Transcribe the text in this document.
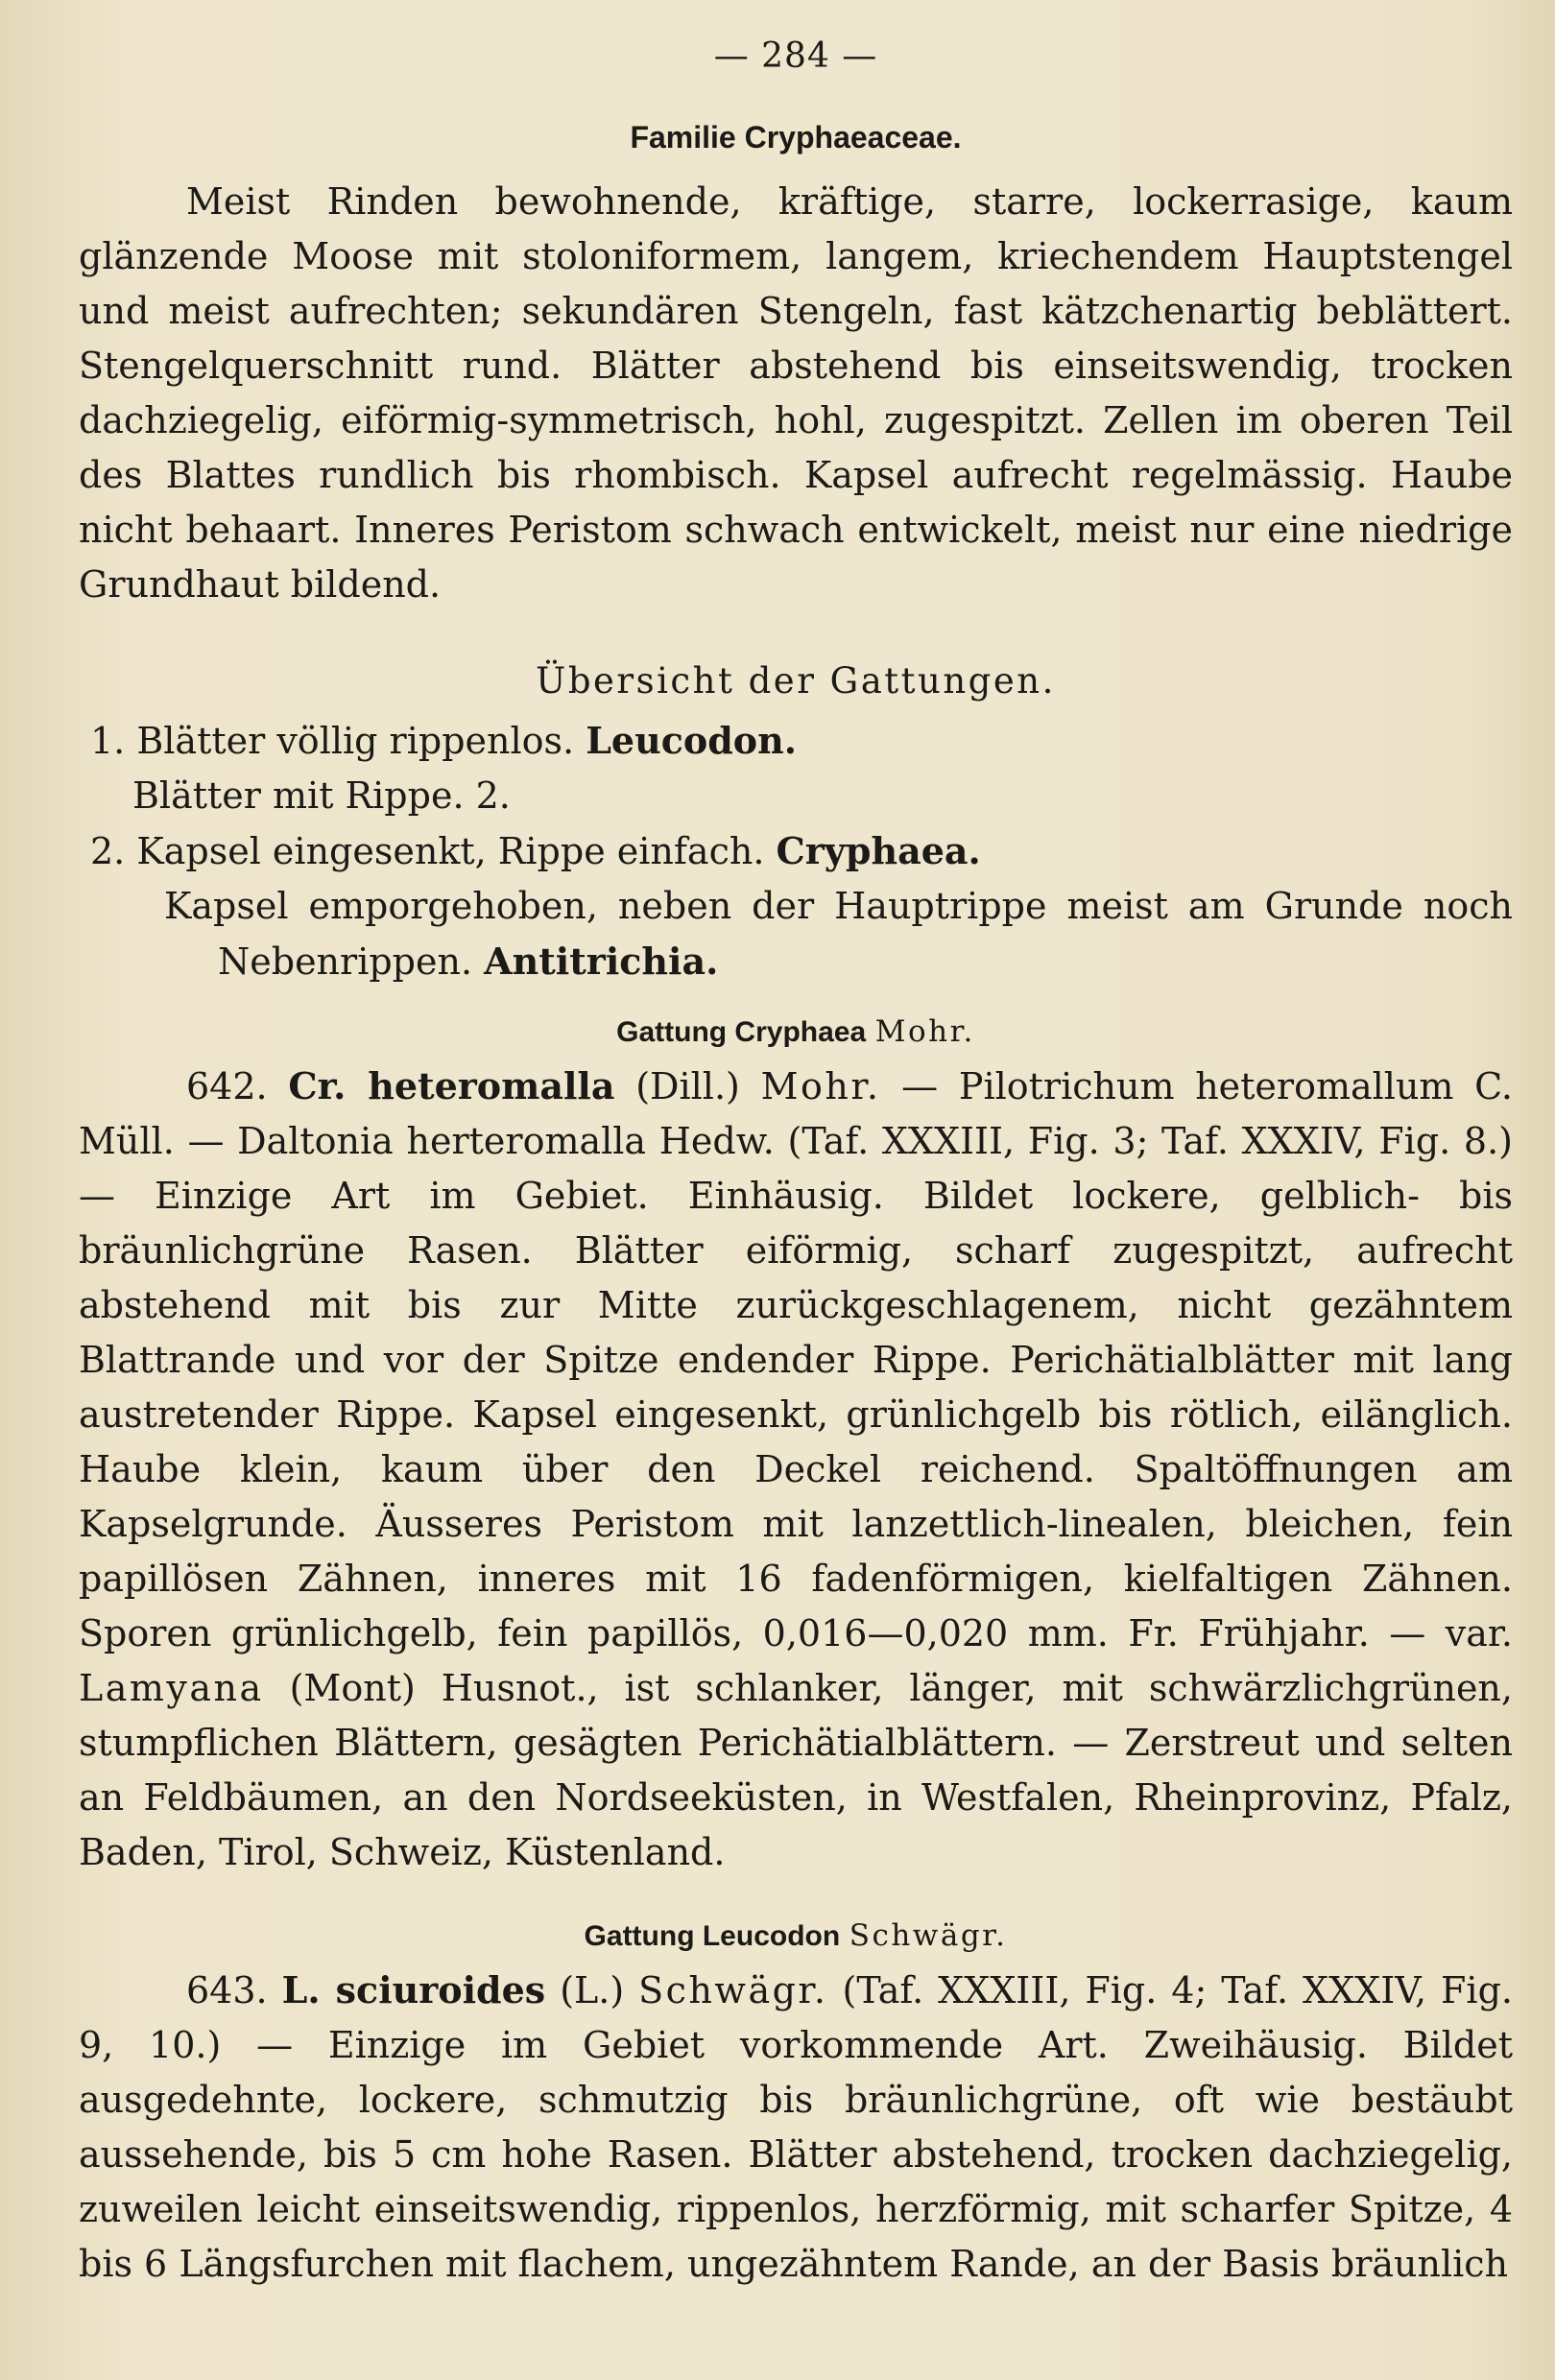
— 284 —
Familie Cryphaeaceae.

Meist Rinden bewohnende, kräftige, starre, lockerrasige, kaum glänzende Moose mit stoloniformem, langem, kriechendem Hauptstengel und meist aufrechten; sekundären Stengeln, fast kätzchenartig beblättert. Stengelquerschnitt rund. Blätter abstehend bis einseitswendig, trocken dachziegelig, eiförmig-symmetrisch, hohl, zugespitzt. Zellen im oberen Teil des Blattes rundlich bis rhombisch. Kapsel aufrecht regelmässig. Haube nicht behaart. Inneres Peristom schwach entwickelt, meist nur eine niedrige Grundhaut bildend.

Übersicht der Gattungen.
1. Blätter völlig rippenlos. Leucodon.
Blätter mit Rippe. 2.
2. Kapsel eingesenkt, Rippe einfach. Cryphaea.
Kapsel emporgehoben, neben der Hauptrippe meist am Grunde noch Nebenrippen. Antitrichia.
Gattung Cryphaea Mohr.

642. Cr. heteromalla (Dill.) Mohr. — Pilotrichum heteromallum C. Müll. — Daltonia herteromalla Hedw. (Taf. XXXIII, Fig. 3; Taf. XXXIV, Fig. 8.) — Einzige Art im Gebiet. Einhäusig. Bildet lockere, gelblich- bis bräunlichgrüne Rasen. Blätter eiförmig, scharf zugespitzt, aufrecht abstehend mit bis zur Mitte zurückgeschlagenem, nicht gezähntem Blattrande und vor der Spitze endender Rippe. Perichätialblätter mit lang austretender Rippe. Kapsel eingesenkt, grünlichgelb bis rötlich, eilänglich. Haube klein, kaum über den Deckel reichend. Spaltöffnungen am Kapselgrunde. Äusseres Peristom mit lanzettlich-linealen, bleichen, fein papillösen Zähnen, inneres mit 16 fadenförmigen, kielfaltigen Zähnen. Sporen grünlichgelb, fein papillös, 0,016—0,020 mm. Fr. Frühjahr. — var. Lamyana (Mont) Husnot., ist schlanker, länger, mit schwärzlichgrünen, stumpflichen Blättern, gesägten Perichätialblättern. — Zerstreut und selten an Feldbäumen, an den Nordseeküsten, in Westfalen, Rheinprovinz, Pfalz, Baden, Tirol, Schweiz, Küstenland.

Gattung Leucodon Schwägr.

643. L. sciuroides (L.) Schwägr. (Taf. XXXIII, Fig. 4; Taf. XXXIV, Fig. 9, 10.) — Einzige im Gebiet vorkommende Art. Zweihäusig. Bildet ausgedehnte, lockere, schmutzig bis bräunlichgrüne, oft wie bestäubt aussehende, bis 5 cm hohe Rasen. Blätter abstehend, trocken dachziegelig, zuweilen leicht einseitswendig, rippenlos, herzförmig, mit scharfer Spitze, 4 bis 6 Längsfurchen mit flachem, ungezähntem Rande, an der Basis bräunlich
